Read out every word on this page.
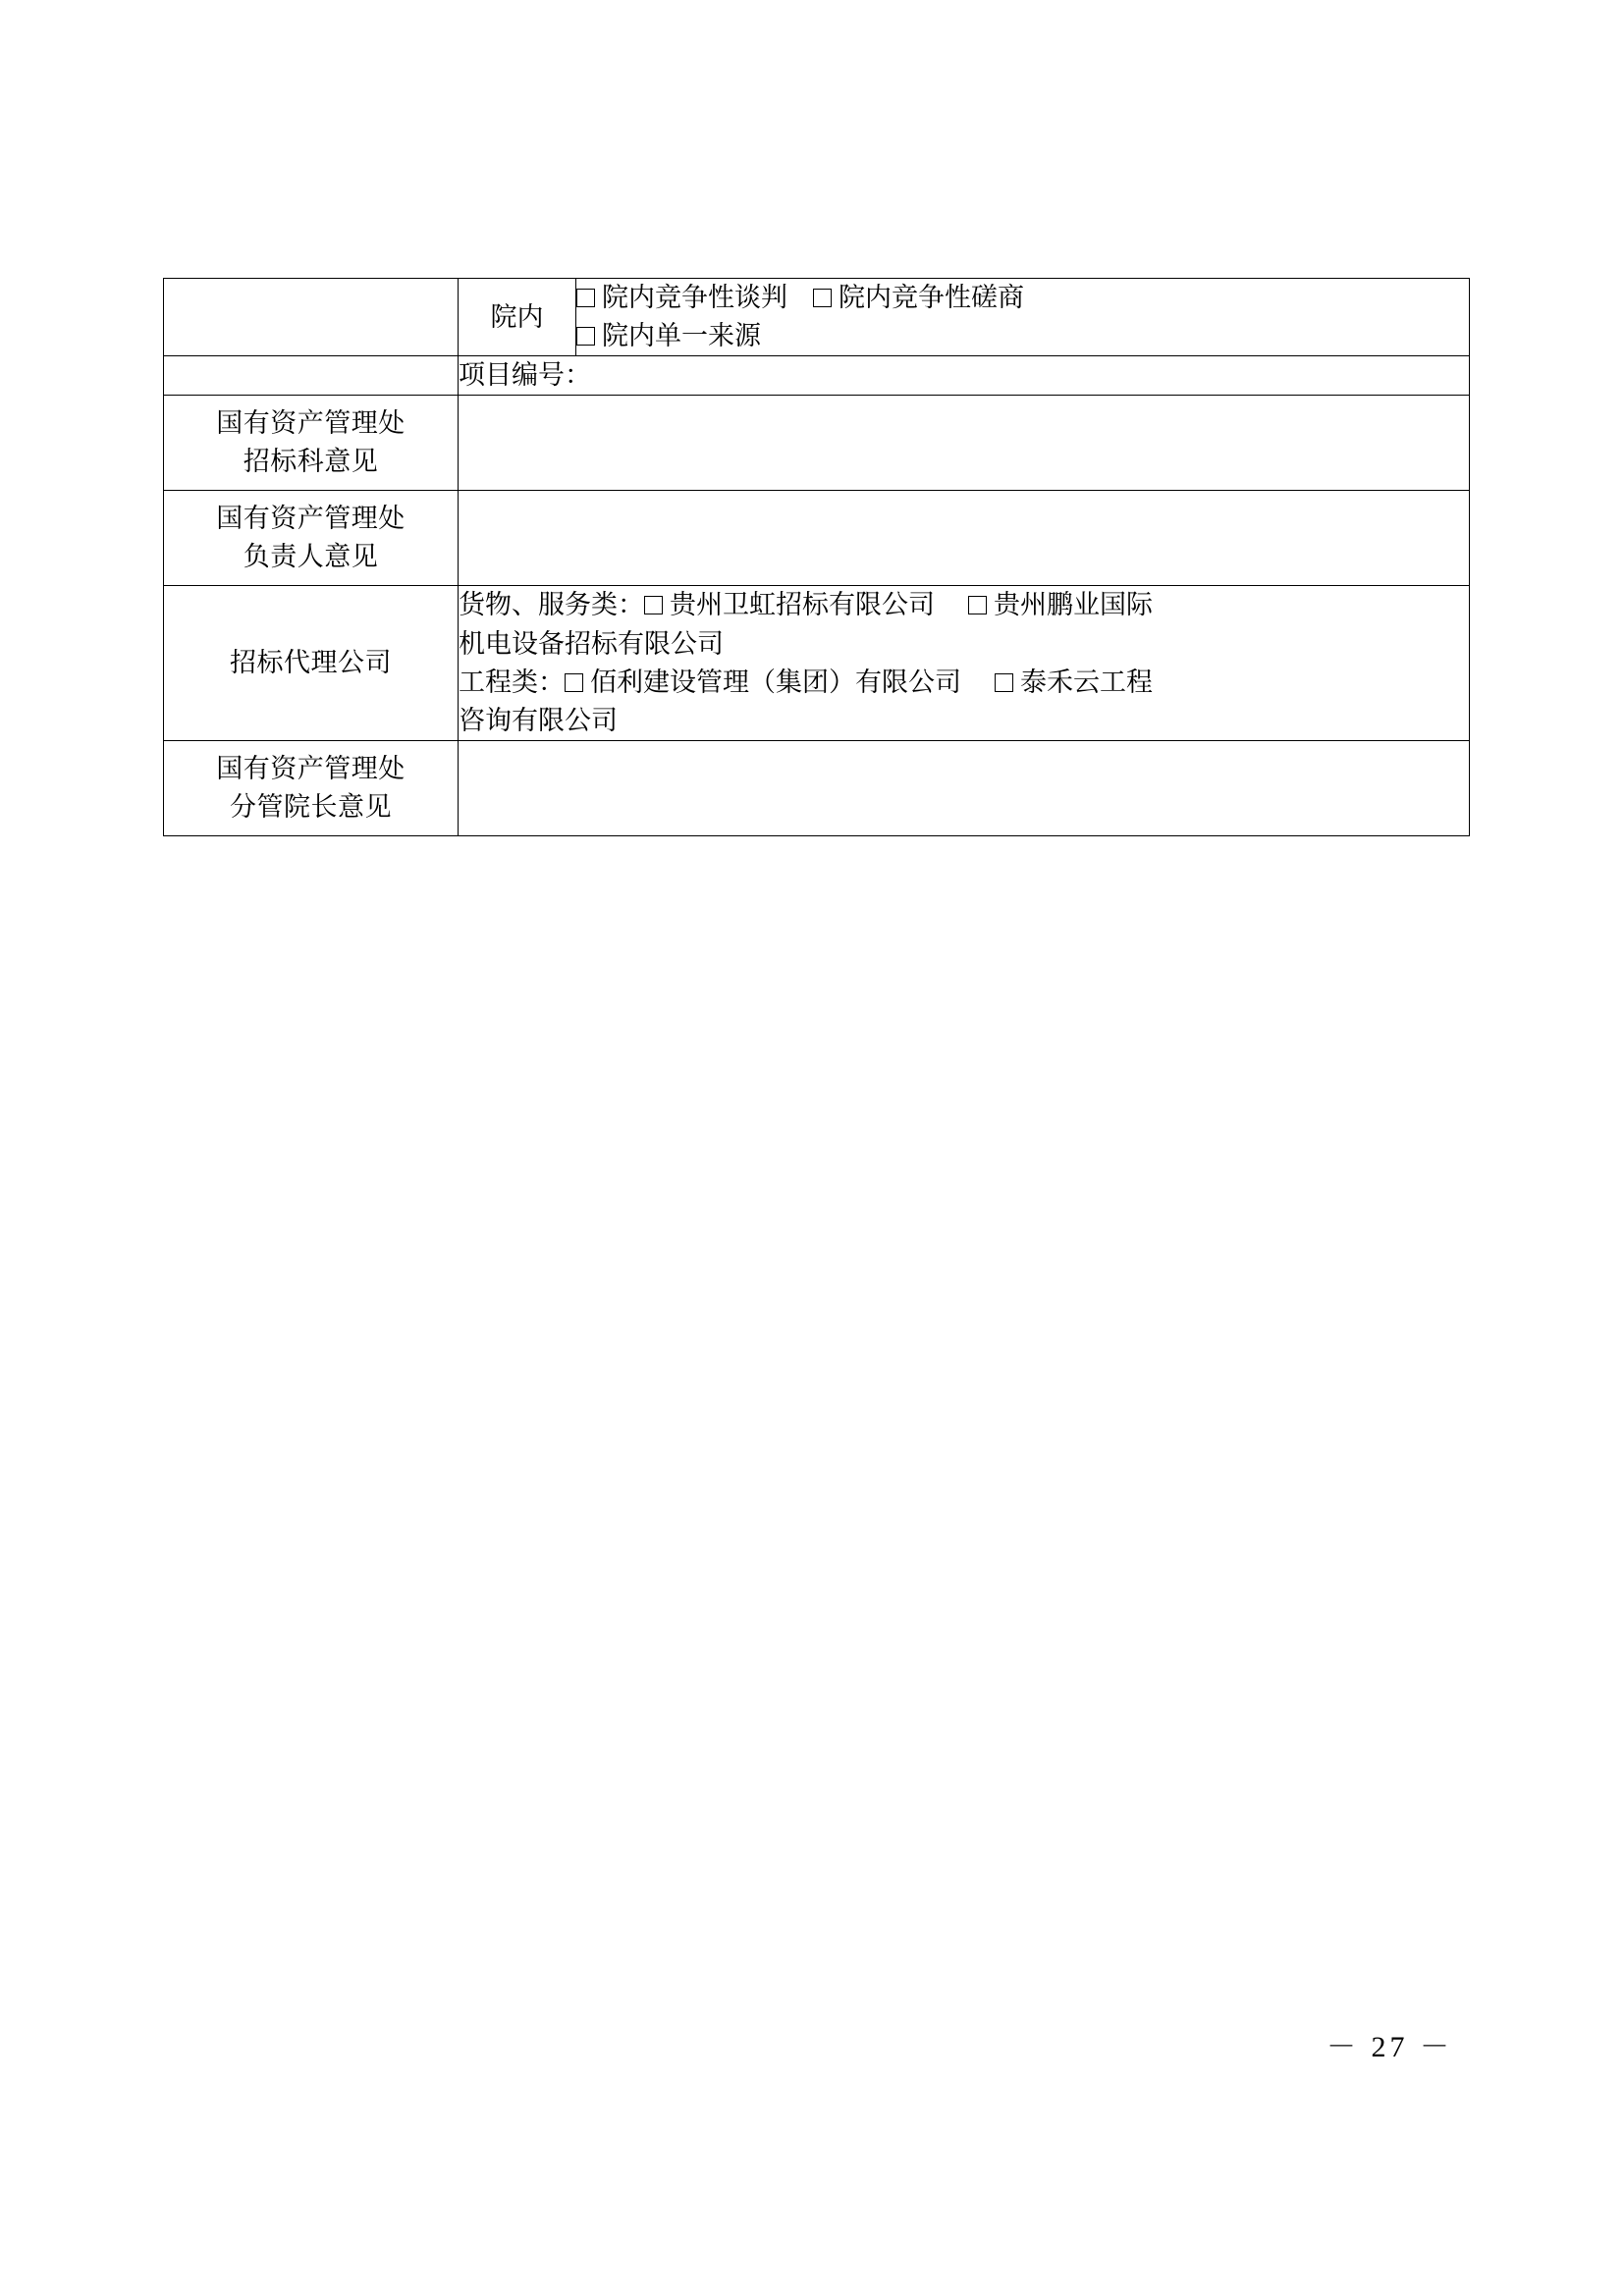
	院内	院内竞争性谈判 院内竞争性磋商
院内单一来源

	项目编号：	

国有资产管理处
招标科意见		

国有资产管理处
负责人意见		

招标代理公司	货物、服务类： 贵州卫虹招标有限公司 贵州鹏业国际
机电设备招标有限公司
工程类： 佰利建设管理（集团）有限公司 泰禾云工程
咨询有限公司	

国有资产管理处
分管院长意见		

－ 27 －
